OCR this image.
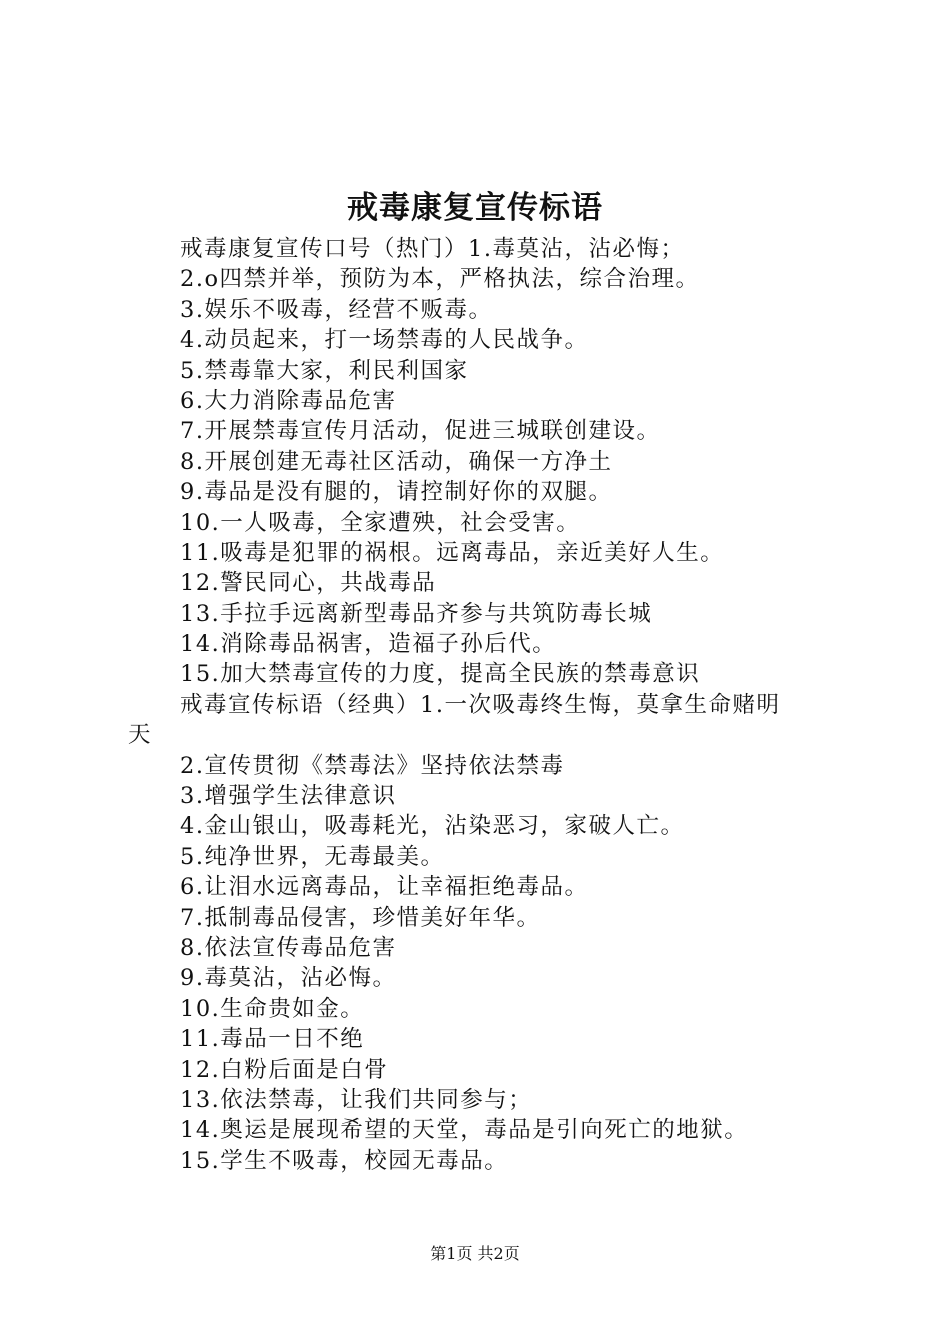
戒毒康复宣传标语
戒毒康复宣传口号（热门）1.毒莫沾，沾必悔；
2.o四禁并举，预防为本，严格执法，综合治理。
3.娱乐不吸毒，经营不贩毒。
4.动员起来，打一场禁毒的人民战争。
5.禁毒靠大家，利民利国家
6.大力消除毒品危害
7.开展禁毒宣传月活动，促进三城联创建设。
8.开展创建无毒社区活动，确保一方净土
9.毒品是没有腿的，请控制好你的双腿。
10.一人吸毒，全家遭殃，社会受害。
11.吸毒是犯罪的祸根。远离毒品，亲近美好人生。
12.警民同心，共战毒品
13.手拉手远离新型毒品齐参与共筑防毒长城
14.消除毒品祸害，造福子孙后代。
15.加大禁毒宣传的力度，提高全民族的禁毒意识
戒毒宣传标语（经典）1.一次吸毒终生悔，莫拿生命赌明
天
2.宣传贯彻《禁毒法》坚持依法禁毒
3.增强学生法律意识
4.金山银山，吸毒耗光，沾染恶习，家破人亡。
5.纯净世界，无毒最美。
6.让泪水远离毒品，让幸福拒绝毒品。
7.抵制毒品侵害，珍惜美好年华。
8.依法宣传毒品危害
9.毒莫沾，沾必悔。
10.生命贵如金。
11.毒品一日不绝
12.白粉后面是白骨
13.依法禁毒，让我们共同参与；
14.奥运是展现希望的天堂，毒品是引向死亡的地狱。
15.学生不吸毒，校园无毒品。
第1页 共2页
